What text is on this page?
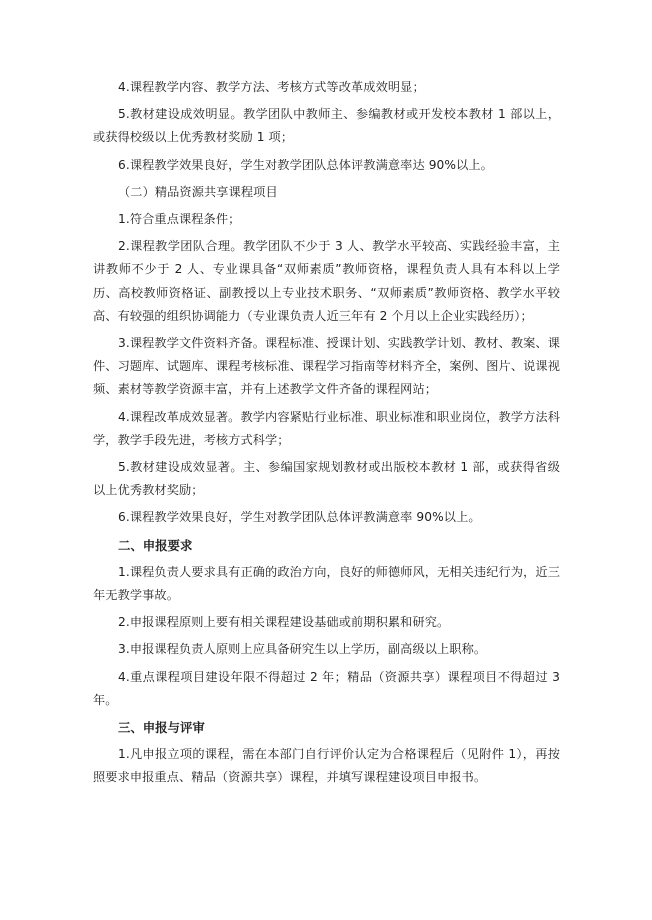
4.课程教学内容、教学方法、考核方式等改革成效明显；

5.教材建设成效明显。教学团队中教师主、参编教材或开发校本教材 1 部以上，或获得校级以上优秀教材奖励 1 项；

6.课程教学效果良好，学生对教学团队总体评教满意率达 90%以上。

（二）精品资源共享课程项目

1.符合重点课程条件；

2.课程教学团队合理。教学团队不少于 3 人、教学水平较高、实践经验丰富，主讲教师不少于 2 人、专业课具备“双师素质”教师资格，课程负责人具有本科以上学历、高校教师资格证、副教授以上专业技术职务、“双师素质”教师资格、教学水平较高、有较强的组织协调能力（专业课负责人近三年有 2 个月以上企业实践经历）；

3.课程教学文件资料齐备。课程标准、授课计划、实践教学计划、教材、教案、课件、习题库、试题库、课程考核标准、课程学习指南等材料齐全，案例、图片、说课视频、素材等教学资源丰富，并有上述教学文件齐备的课程网站；

4.课程改革成效显著。教学内容紧贴行业标准、职业标准和职业岗位，教学方法科学，教学手段先进，考核方式科学；

5.教材建设成效显著。主、参编国家规划教材或出版校本教材 1 部，或获得省级以上优秀教材奖励；

6.课程教学效果良好，学生对教学团队总体评教满意率 90%以上。

二、申报要求

1.课程负责人要求具有正确的政治方向，良好的师德师风，无相关违纪行为，近三年无教学事故。

2.申报课程原则上要有相关课程建设基础或前期积累和研究。

3.申报课程负责人原则上应具备研究生以上学历，副高级以上职称。

4.重点课程项目建设年限不得超过 2 年；精品（资源共享）课程项目不得超过 3 年。

三、申报与评审

1.凡申报立项的课程，需在本部门自行评价认定为合格课程后（见附件 1），再按照要求申报重点、精品（资源共享）课程，并填写课程建设项目申报书。
